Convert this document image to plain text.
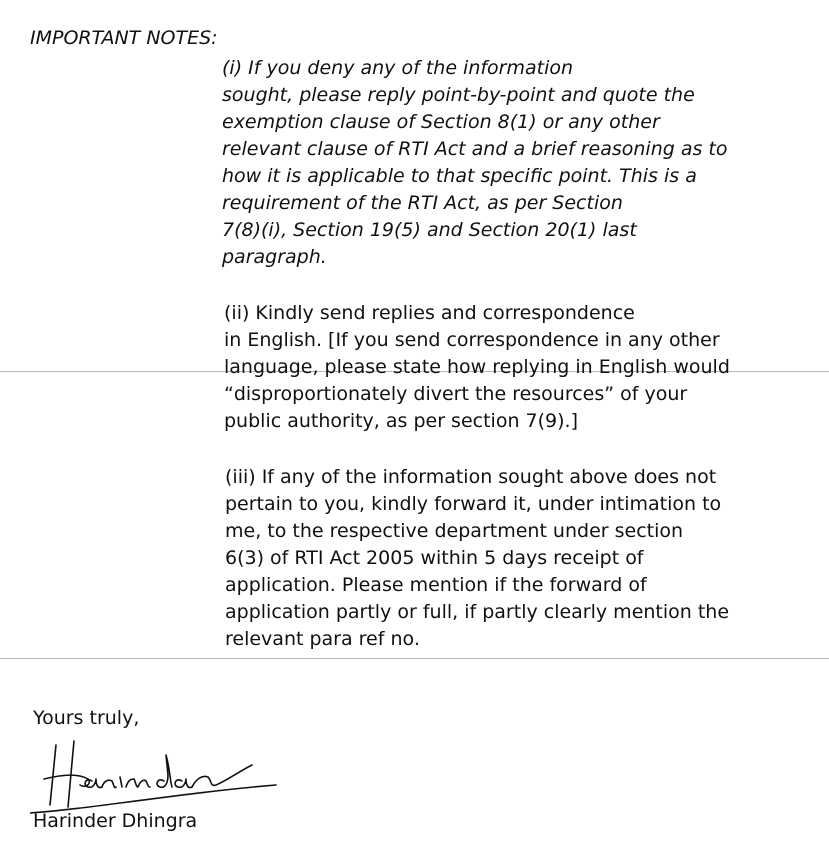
IMPORTANT NOTES:

(i) If you deny any of the information

sought, please reply point-by-point and quote the

exemption clause of Section 8(1) or any other

relevant clause of RTI Act and a brief reasoning as to

how it is applicable to that specific point. This is a

requirement of the RTI Act, as per Section

7(8)(i), Section 19(5) and Section 20(1) last

paragraph.

(ii) Kindly send replies and correspondence

in English. [If you send correspondence in any other

language, please state how replying in English would

“disproportionately divert the resources” of your

public authority, as per section 7(9).]

(iii) If any of the information sought above does not

pertain to you, kindly forward it, under intimation to

me, to the respective department under section

6(3) of RTI Act 2005 within 5 days receipt of

application. Please mention if the forward of

application partly or full, if partly clearly mention the

relevant para ref no.

Yours truly,
Harinder Dhingra
